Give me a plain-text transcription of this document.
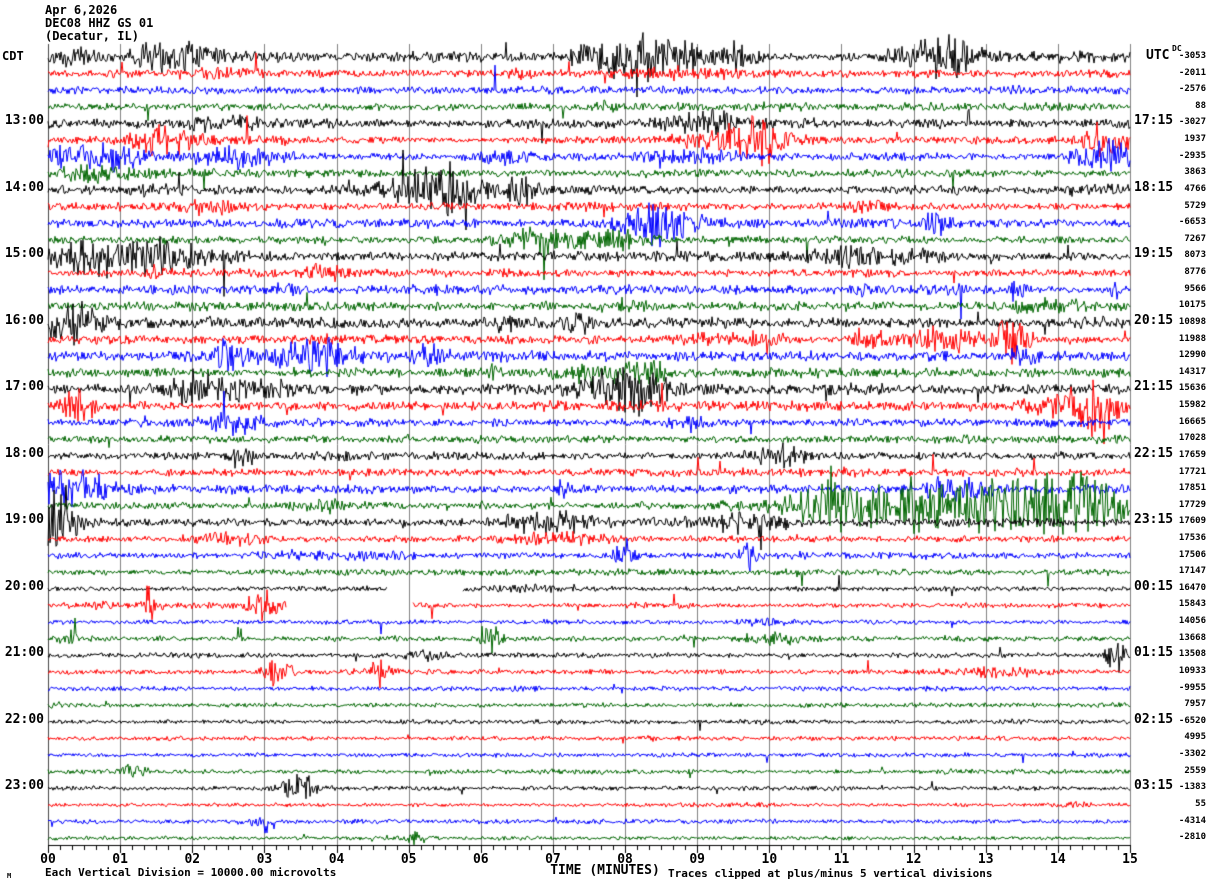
Apr 6,2026
DEC08 HHZ GS 01
(Decatur, IL)
CDT	UTC DC
13:00
14:00
15:00
16:00
17:00
18:00
19:00
20:00
21:00
22:00
23:00
17:15
18:15
19:15
20:15
21:15
22:15
23:15
00:15
01:15
02:15
03:15
-3053
-2011
-2576
88
-3027
1937
-2935
3863
4766
5729
-6653
7267
8073
8776
9566
10175
10898
11988
12990
14317
15636
15982
16665
17028
17659
17721
17851
17729
17609
17536
17506
17147
16470
15843
14056
13668
13508
10933
-9955
7957
-6520
4995
-3302
2559
-1383
55
-4314
-2810
00	01	02	03	04	05	06	07	08	09	10	11	12	13	14	15
M	Each Vertical Division = 10000.00 microvolts	TIME (MINUTES) Traces clipped at plus/minus 5 vertical divisions
